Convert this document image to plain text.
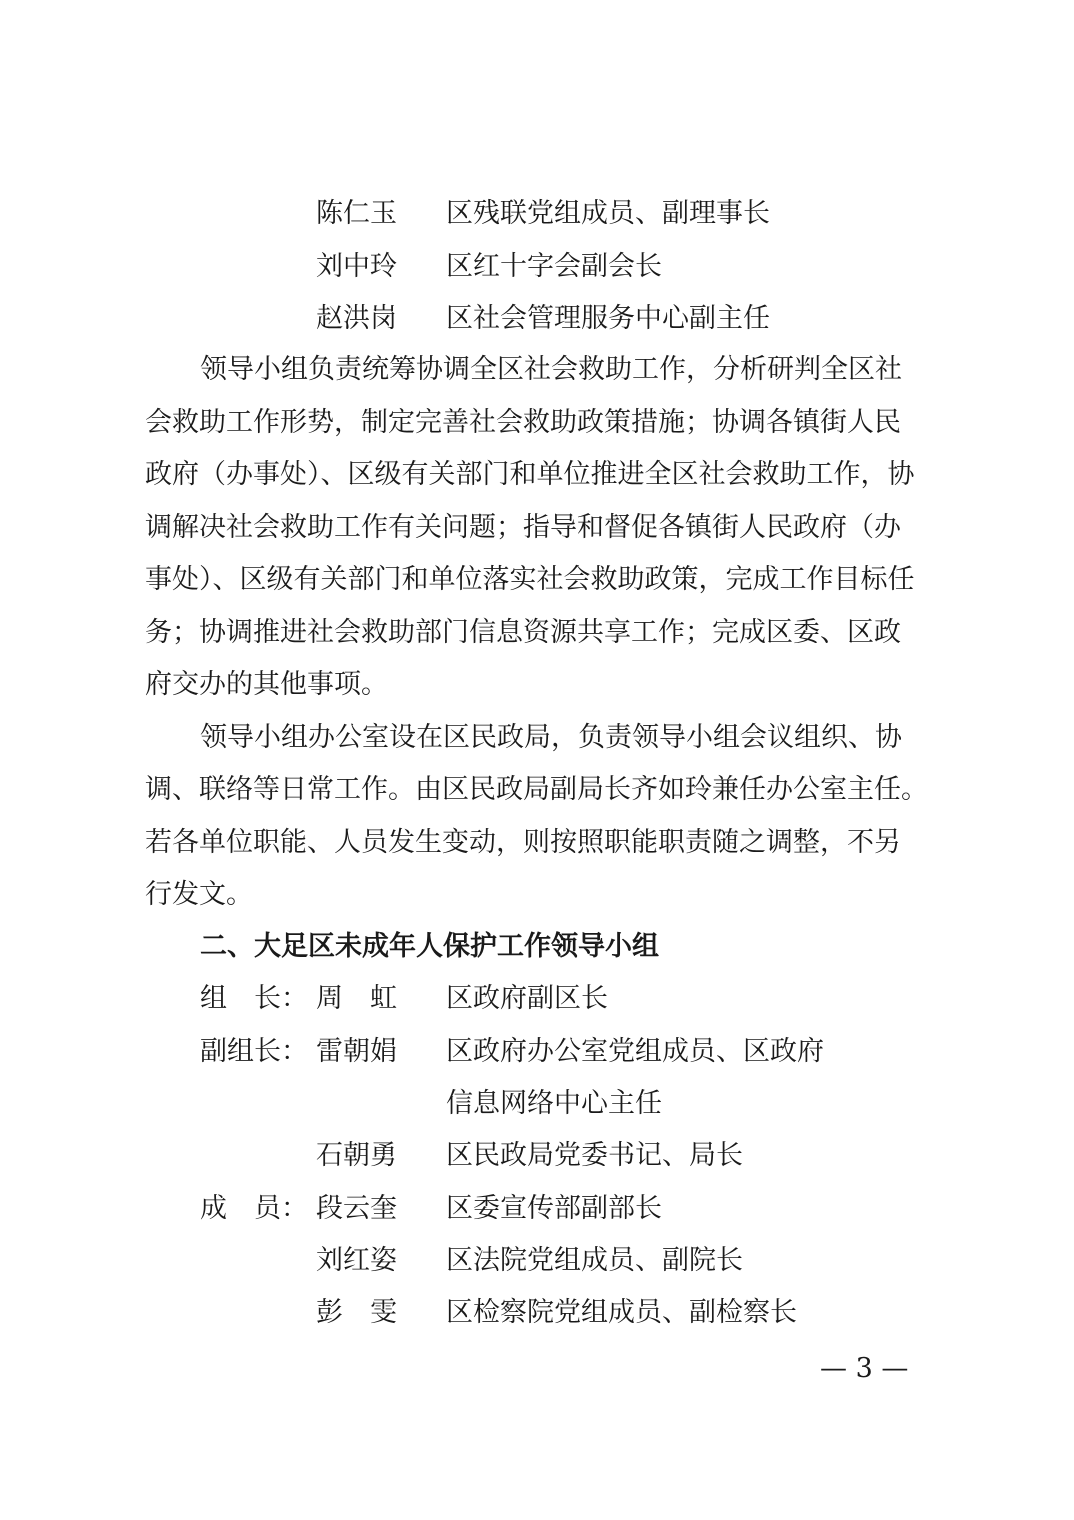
陈仁玉 区残联党组成员、副理事长
刘中玲 区红十字会副会长
赵洪岗 区社会管理服务中心副主任
领导小组负责统筹协调全区社会救助工作，分析研判全区社
会救助工作形势，制定完善社会救助政策措施；协调各镇街人民
政府（办事处）、区级有关部门和单位推进全区社会救助工作，协
调解决社会救助工作有关问题；指导和督促各镇街人民政府（办
事处）、区级有关部门和单位落实社会救助政策，完成工作目标任
务；协调推进社会救助部门信息资源共享工作；完成区委、区政
府交办的其他事项。
领导小组办公室设在区民政局，负责领导小组会议组织、协
调、联络等日常工作。由区民政局副局长齐如玲兼任办公室主任。
若各单位职能、人员发生变动，则按照职能职责随之调整，不另
行发文。
二、大足区未成年人保护工作领导小组
组　长： 周　虹 区政府副区长
副组长： 雷朝娟 区政府办公室党组成员、区政府
信息网络中心主任
石朝勇 区民政局党委书记、局长
成　员： 段云奎 区委宣传部副部长
刘红姿 区法院党组成员、副院长
彭　雯 区检察院党组成员、副检察长
— 3 —
